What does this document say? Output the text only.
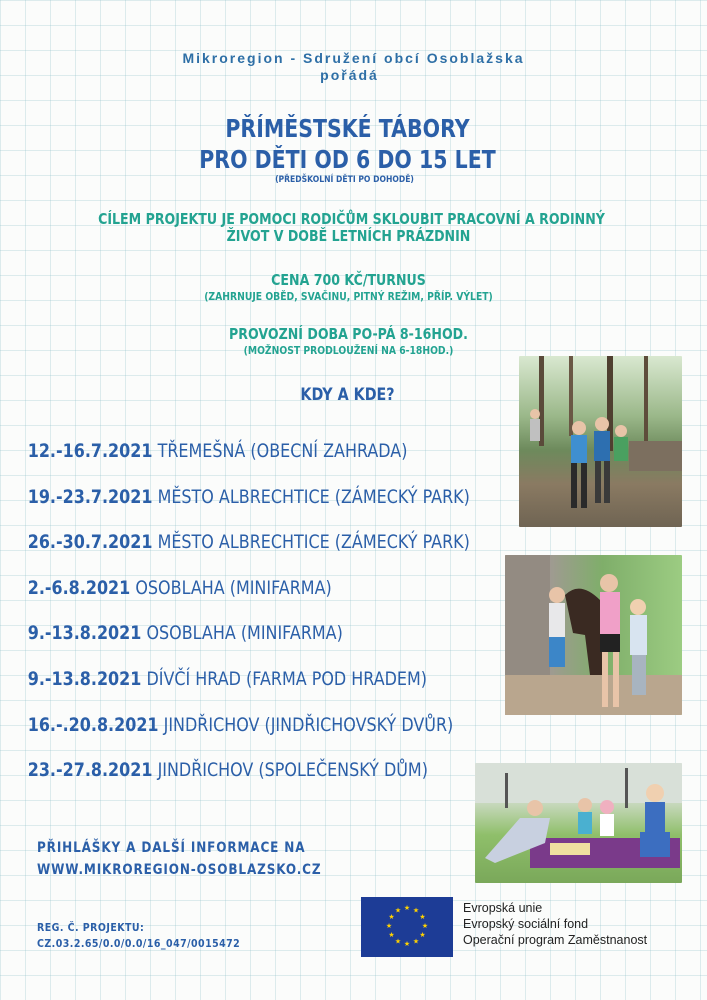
Mikroregion - Sdružení obcí Osoblažska
pořádá
PŘÍMĚSTSKÉ TÁBORY
PRO DĚTI OD 6 DO 15 LET
(PŘEDŠKOLNÍ DĚTI PO DOHODĚ)
CÍLEM PROJEKTU JE POMOCI RODIČŮM SKLOUBIT PRACOVNÍ A RODINNÝ
ŽIVOT V DOBĚ LETNÍCH PRÁZDNIN
CENA 700 KČ/TURNUS
(ZAHRNUJE OBĚD, SVAČINU, PITNÝ REŽIM, PŘÍP. VÝLET)
PROVOZNÍ DOBA PO-PÁ 8-16HOD.
(MOŽNOST PRODLOUŽENÍ NA 6-18HOD.)
KDY A KDE?
12.-16.7.2021 TŘEMEŠNÁ (OBECNÍ ZAHRADA)
19.-23.7.2021 MĚSTO ALBRECHTICE (ZÁMECKÝ PARK)
26.-30.7.2021 MĚSTO ALBRECHTICE (ZÁMECKÝ PARK)
2.-6.8.2021 OSOBLAHA (MINIFARMA)
9.-13.8.2021 OSOBLAHA (MINIFARMA)
9.-13.8.2021 DÍVČÍ HRAD (FARMA POD HRADEM)
16.-.20.8.2021 JINDŘICHOV (JINDŘICHOVSKÝ DVŮR)
23.-27.8.2021 JINDŘICHOV (SPOLEČENSKÝ DŮM)
PŘIHLÁŠKY A DALŠÍ INFORMACE NA
WWW.MIKROREGION-OSOBLAZSKO.CZ
REG. Č. PROJEKTU:
CZ.03.2.65/0.0/0.0/16_047/0015472
★ ★
★
★
★
★
★
★
★
★
★
★	Evropská unie
Evropský sociální fond
Operační program Zaměstnanost
